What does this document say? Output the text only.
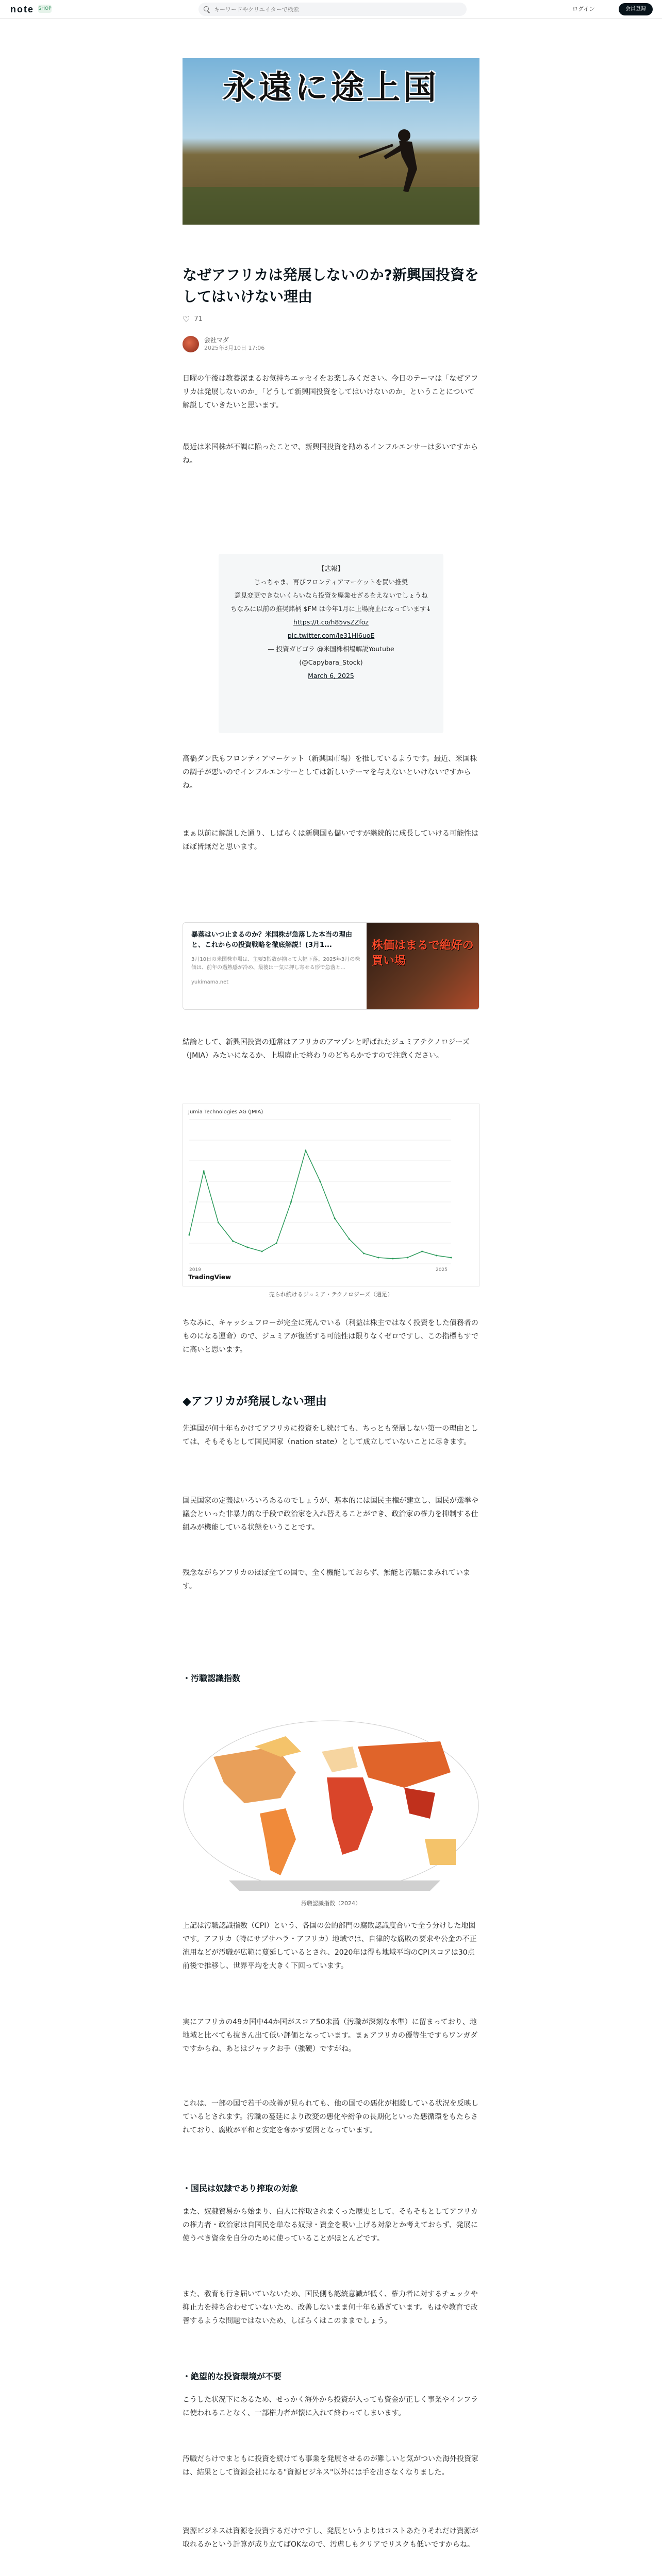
note SHOP
キーワードやクリエイターで検索	ログイン	会員登録
永遠に途上国
なぜアフリカは発展しないのか?新興国投資をしてはいけない理由
♡ 71
会社マダ
2025年3月10日 17:06
日曜の午後は教養深まるお気持ちエッセイをお楽しみください。今日のテーマは「なぜアフリカは発展しないのか」「どうして新興国投資をしてはいけないのか」ということについて解説していきたいと思います。
最近は米国株が不調に陥ったことで、新興国投資を勧めるインフルエンサーは多いですからね。
【悲報】
じっちゃま、再びフロンティアマーケットを買い推奨
意見変更できないくらいなら投資を廃業せざるをえないでしょうね
ちなみに以前の推奨銘柄 $FM は今年1月に上場廃止になっています↓
https://t.co/h85vsZZfoz
pic.twitter.com/le31Hl6uoE
— 投資ガビゴラ @米国株相場解説Youtube
(@Capybara_Stock)
March 6, 2025
高橋ダン氏もフロンティアマーケット（新興国市場）を推しているようです。最近、米国株の調子が悪いのでインフルエンサーとしては新しいテーマを与えないといけないですからね。
まぁ以前に解説した通り、しばらくは新興国も儲いですが継続的に成長していける可能性はほぼ皆無だと思います。
暴落はいつ止まるのか？米国株が急落した本当の理由と、これからの投資戦略を徹底解説！(3月1...
3月10日の米国株市場は、主要3指数が揃って大幅下落。2025年3月の株価は、前年の過熱感が冷め、最後は一気に押し寄せる形で急落と...
yukimama.net
株価はまるで絶好の買い場
結論として、新興国投資の通常はアフリカのアマゾンと呼ばれたジュミアテクノロジーズ（JMIA）みたいになるか、上場廃止で終わりのどちらかですので注意ください。
Jumia Technologies AG (JMIA)
TradingView
2019	2025
売られ続けるジュミア・テクノロジーズ（週足）
ちなみに、キャッシュフローが完全に死んでいる（利益は株主ではなく投資をした債務者のものになる運命）ので、ジュミアが復活する可能性は限りなくゼロですし、この指標もすでに高いと思います。
◆アフリカが発展しない理由
先進国が何十年もかけてアフリカに投資をし続けても、ちっとも発展しない第一の理由としては、そもそもとして国民国家（nation state）として成立していないことに尽きます。
国民国家の定義はいろいろあるのでしょうが、基本的には国民主権が建立し、国民が選挙や議会といった非暴力的な手段で政治家を入れ替えることができ、政治家の権力を抑制する仕組みが機能している状態をいうことです。
残念ながらアフリカのほぼ全ての国で、全く機能しておらず、無能と汚職にまみれています。
・汚職認識指数
汚職認識指数（2024）
上記は汚職認識指数（CPI）という、各国の公的部門の腐敗認識度合いで全う分けした地図です。アフリカ（特にサブサハラ・アフリカ）地域では、自律的な腐敗の要求や公金の不正流用などが汚職が広範に蔓延しているとされ、2020年は得も地域平均のCPIスコアは30点前後で推移し、世界平均を大きく下回っています。
実にアフリカの49カ国中44か国がスコア50未満（汚職が深刻な水準）に留まっており、地地域と比べても抜きん出て低い評価となっています。まぁアフリカの優等生ですらワンガダですからね、あとはジャックお手（強硬）ですがね。
これは、一部の国で若干の改善が見られても、他の国での悪化が相殺している状況を反映しているとされます。汚職の蔓延により改変の悪化や紛争の長期化といった悪循環をもたらされており、腐敗が平和と安定を奪かす要因となっています。
・国民は奴隷であり搾取の対象
また、奴隷貿易から始まり、白人に搾取されまくった歴史として、そもそもとしてアフリカの権力者・政治家は自国民を単なる奴隷・資金を吸い上げる対象とか考えておらず、発展に使うべき資金を自分のために使っていることがほとんどです。
また、教育も行き届いていないため、国民側も認統意識が低く、権力者に対するチェックや抑止力を持ち合わせていないため、改善しないまま何十年も過ぎています。もはや教育で改善するような問題ではないため、しばらくはこのままでしょう。
・絶望的な投資環境が不要
こうした状況下にあるため、せっかく海外から投資が入っても資金が正しく事業やインフラに使われることなく、一部権力者が懐に入れて終わってしまいます。
汚職だらけでまともに投資を続けても事業を発展させるのが難しいと気がついた海外投資家は、結果として資源会社になる"資源ビジネス"以外には手を出さなくなりました。
資源ビジネスは資源を投資するだけですし、発展というよりはコストあたりそれだけ資源が取れるかという計算が成り立てばOKなので、汚虐しもクリアでリスクも低いですからね。
